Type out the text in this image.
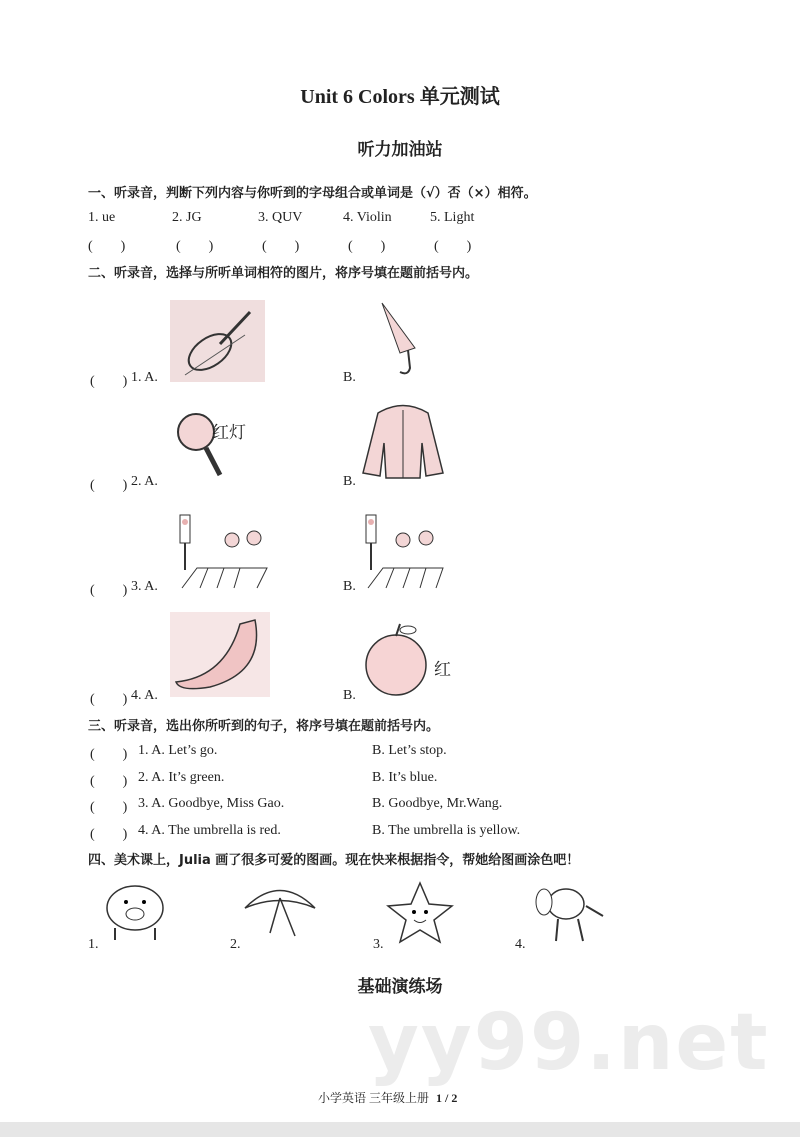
yy99.net
Unit 6 Colors 单元测试
听力加油站
一、听录音，判断下列内容与你听到的字母组合或单词是（√）否（×）相符。
1. ue	2. JG	3. QUV	4. Violin	5. Light
(　　)	(　　)	(　　)	(　　)	(　　)
二、听录音，选择与所听单词相符的图片，将序号填在题前括号内。
(　　) 1. A.	B.
(　　) 2. A.	B.
红灯
(　　) 3. A.	B.
(　　) 4. A.	B.
红
三、听录音，选出你所听到的句子，将序号填在题前括号内。
(　　) 1. A. Let’s go.	B. Let’s stop.
(　　) 2. A. It’s green.	B. It’s blue.
(　　) 3. A. Goodbye, Miss Gao.	B. Goodbye, Mr.Wang.
(　　) 4. A. The umbrella is red.	B. The umbrella is yellow.
四、美术课上，Julia 画了很多可爱的图画。现在快来根据指令，帮她给图画涂色吧！
1.	2.	3.	4.
基础演练场
小学英语 三年级上册 1 / 2
